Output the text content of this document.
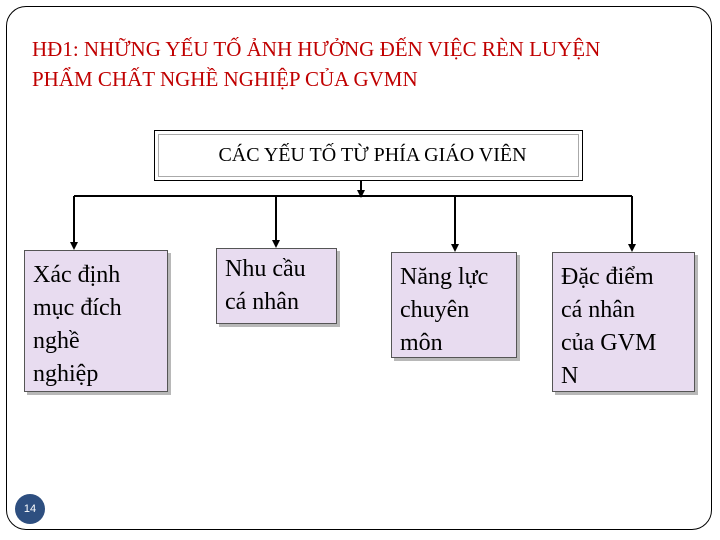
HĐ1: NHỮNG YẾU TỐ ẢNH HƯỞNG ĐẾN VIỆC RÈN LUYỆN
PHẨM CHẤT NGHỀ NGHIỆP CỦA GVMN
CÁC YẾU TỐ TỪ PHÍA GIÁO VIÊN
Xác định
mục đích
nghề
nghiệp
Nhu cầu
cá nhân
Năng lực
chuyên
môn
Đặc điểm
cá nhân
của GVM
N
14
